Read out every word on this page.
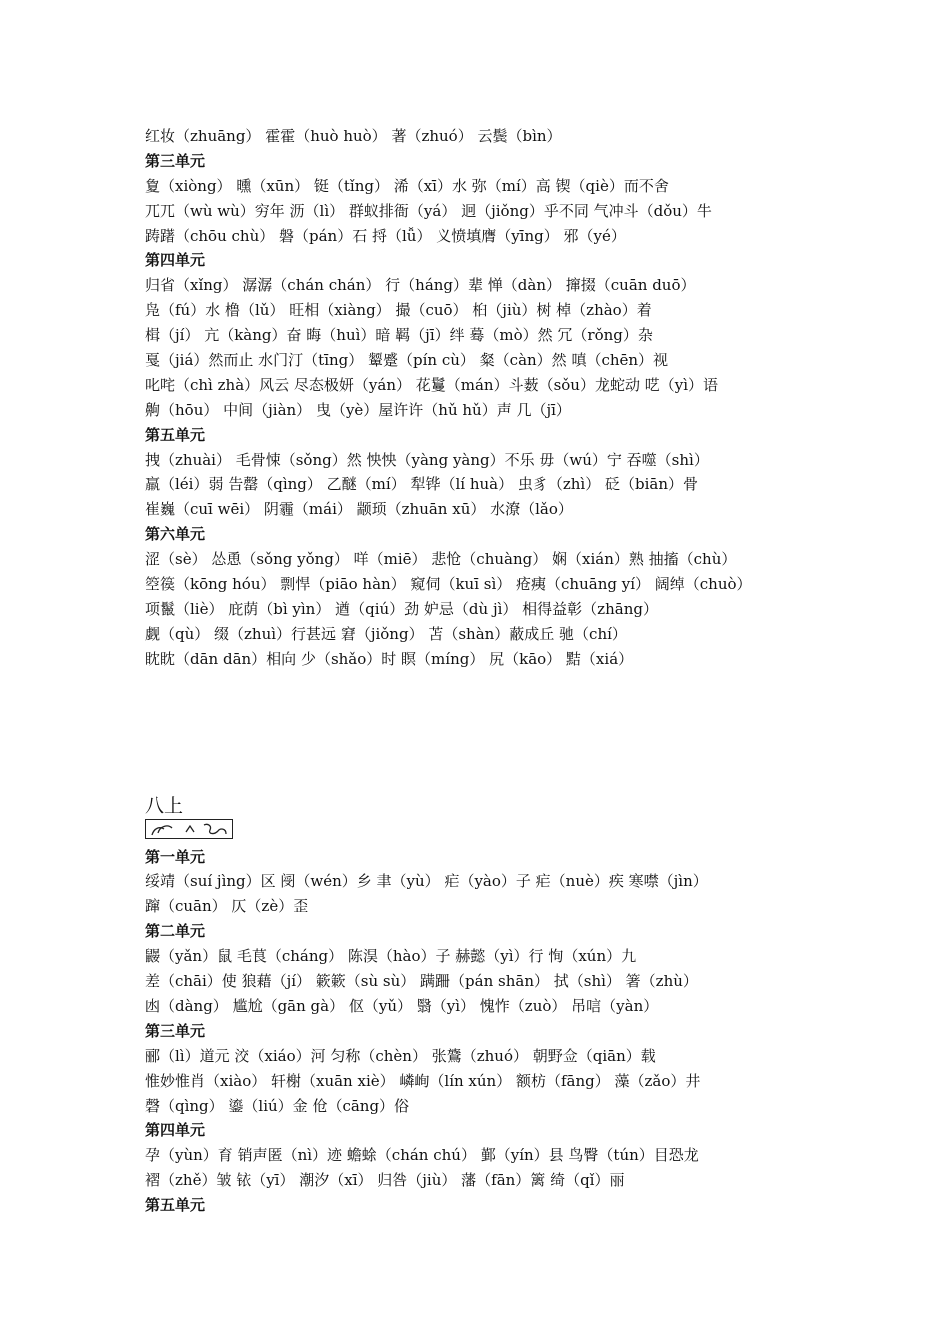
红妆（zhuāng） 霍霍（huò huò） 著（zhuó） 云鬓（bìn）
第三单元
夐（xiòng） 曛（xūn） 铤（tǐng） 浠（xī）水 弥（mí）高 锲（qiè）而不舍
兀兀（wù wù）穷年 沥（lì） 群蚁排衙（yá） 迥（jiǒng）乎不同 气冲斗（dǒu）牛
踌躇（chōu chù） 磐（pán）石 捋（lǚ） 义愤填膺（yīng） 邪（yé）
第四单元
归省（xǐng） 潺潺（chán chán） 行（háng）辈 惮（dàn） 撺掇（cuān duō）
凫（fú）水 橹（lǔ） 旺相（xiàng） 撮（cuō） 桕（jiù）树 棹（zhào）着
楫（jí） 亢（kàng）奋 晦（huì）暗 羁（jī）绊 蓦（mò）然 冗（rǒng）杂
戛（jiá）然而止 水门汀（tīng） 颦蹙（pín cù） 粲（càn）然 嗔（chēn）视
叱咤（chì zhà）风云 尽态极妍（yán） 花鬘（mán）斗薮（sǒu）龙蛇动 呓（yì）语
齁（hōu） 中间（jiàn） 曳（yè）屋许许（hǔ hǔ）声 几（jī）
第五单元
拽（zhuài） 毛骨悚（sǒng）然 怏怏（yàng yàng）不乐 毋（wú）宁 吞噬（shì）
羸（léi）弱 告罄（qìng） 乙醚（mí） 犁铧（lí huà） 虫豸（zhì） 砭（biān）骨
崔巍（cuī wēi） 阴霾（mái） 颛顼（zhuān xū） 水潦（lǎo）
第六单元
涩（sè） 怂恿（sǒng yǒng） 咩（miē） 悲怆（chuàng） 娴（xián）熟 抽搐（chù）
箜篌（kōng hóu） 剽悍（piāo hàn） 窥伺（kuī sì） 疮痍（chuāng yí） 阔绰（chuò）
项鬣（liè） 庇荫（bì yìn） 遒（qiú）劲 妒忌（dù jì） 相得益彰（zhāng）
觑（qù） 缀（zhuì）行甚远 窘（jiǒng） 苫（shàn）蔽成丘 驰（chí）
眈眈（dān dān）相向 少（shǎo）时 瞑（míng） 尻（kāo） 黠（xiá）
八上
第一单元
绥靖（suí jìng）区 阌（wén）乡 聿（yù） 疟（yào）子 疟（nuè）疾 寒噤（jìn）
蹿（cuān） 仄（zè）歪
第二单元
鼹（yǎn）鼠 毛茛（cháng） 陈淏（hào）子 赫懿（yì）行 恂（xún）九
差（chāi）使 狼藉（jí） 簌簌（sù sù） 蹒跚（pán shān） 拭（shì） 箸（zhù）
凼（dàng） 尴尬（gān gà） 伛（yǔ） 翳（yì） 愧怍（zuò） 吊唁（yàn）
第三单元
郦（lì）道元 洨（xiáo）河 匀称（chèn） 张鷟（zhuó） 朝野佥（qiān）载
惟妙惟肖（xiào） 轩榭（xuān xiè） 嶙峋（lín xún） 额枋（fāng） 藻（zǎo）井
磬（qìng） 鎏（liú）金 伧（cāng）俗
第四单元
孕（yùn）育 销声匿（nì）迹 蟾蜍（chán chú） 鄞（yín）县 鸟臀（tún）目恐龙
褶（zhě）皱 铱（yī） 潮汐（xī） 归咎（jiù） 藩（fān）篱 绮（qǐ）丽
第五单元
